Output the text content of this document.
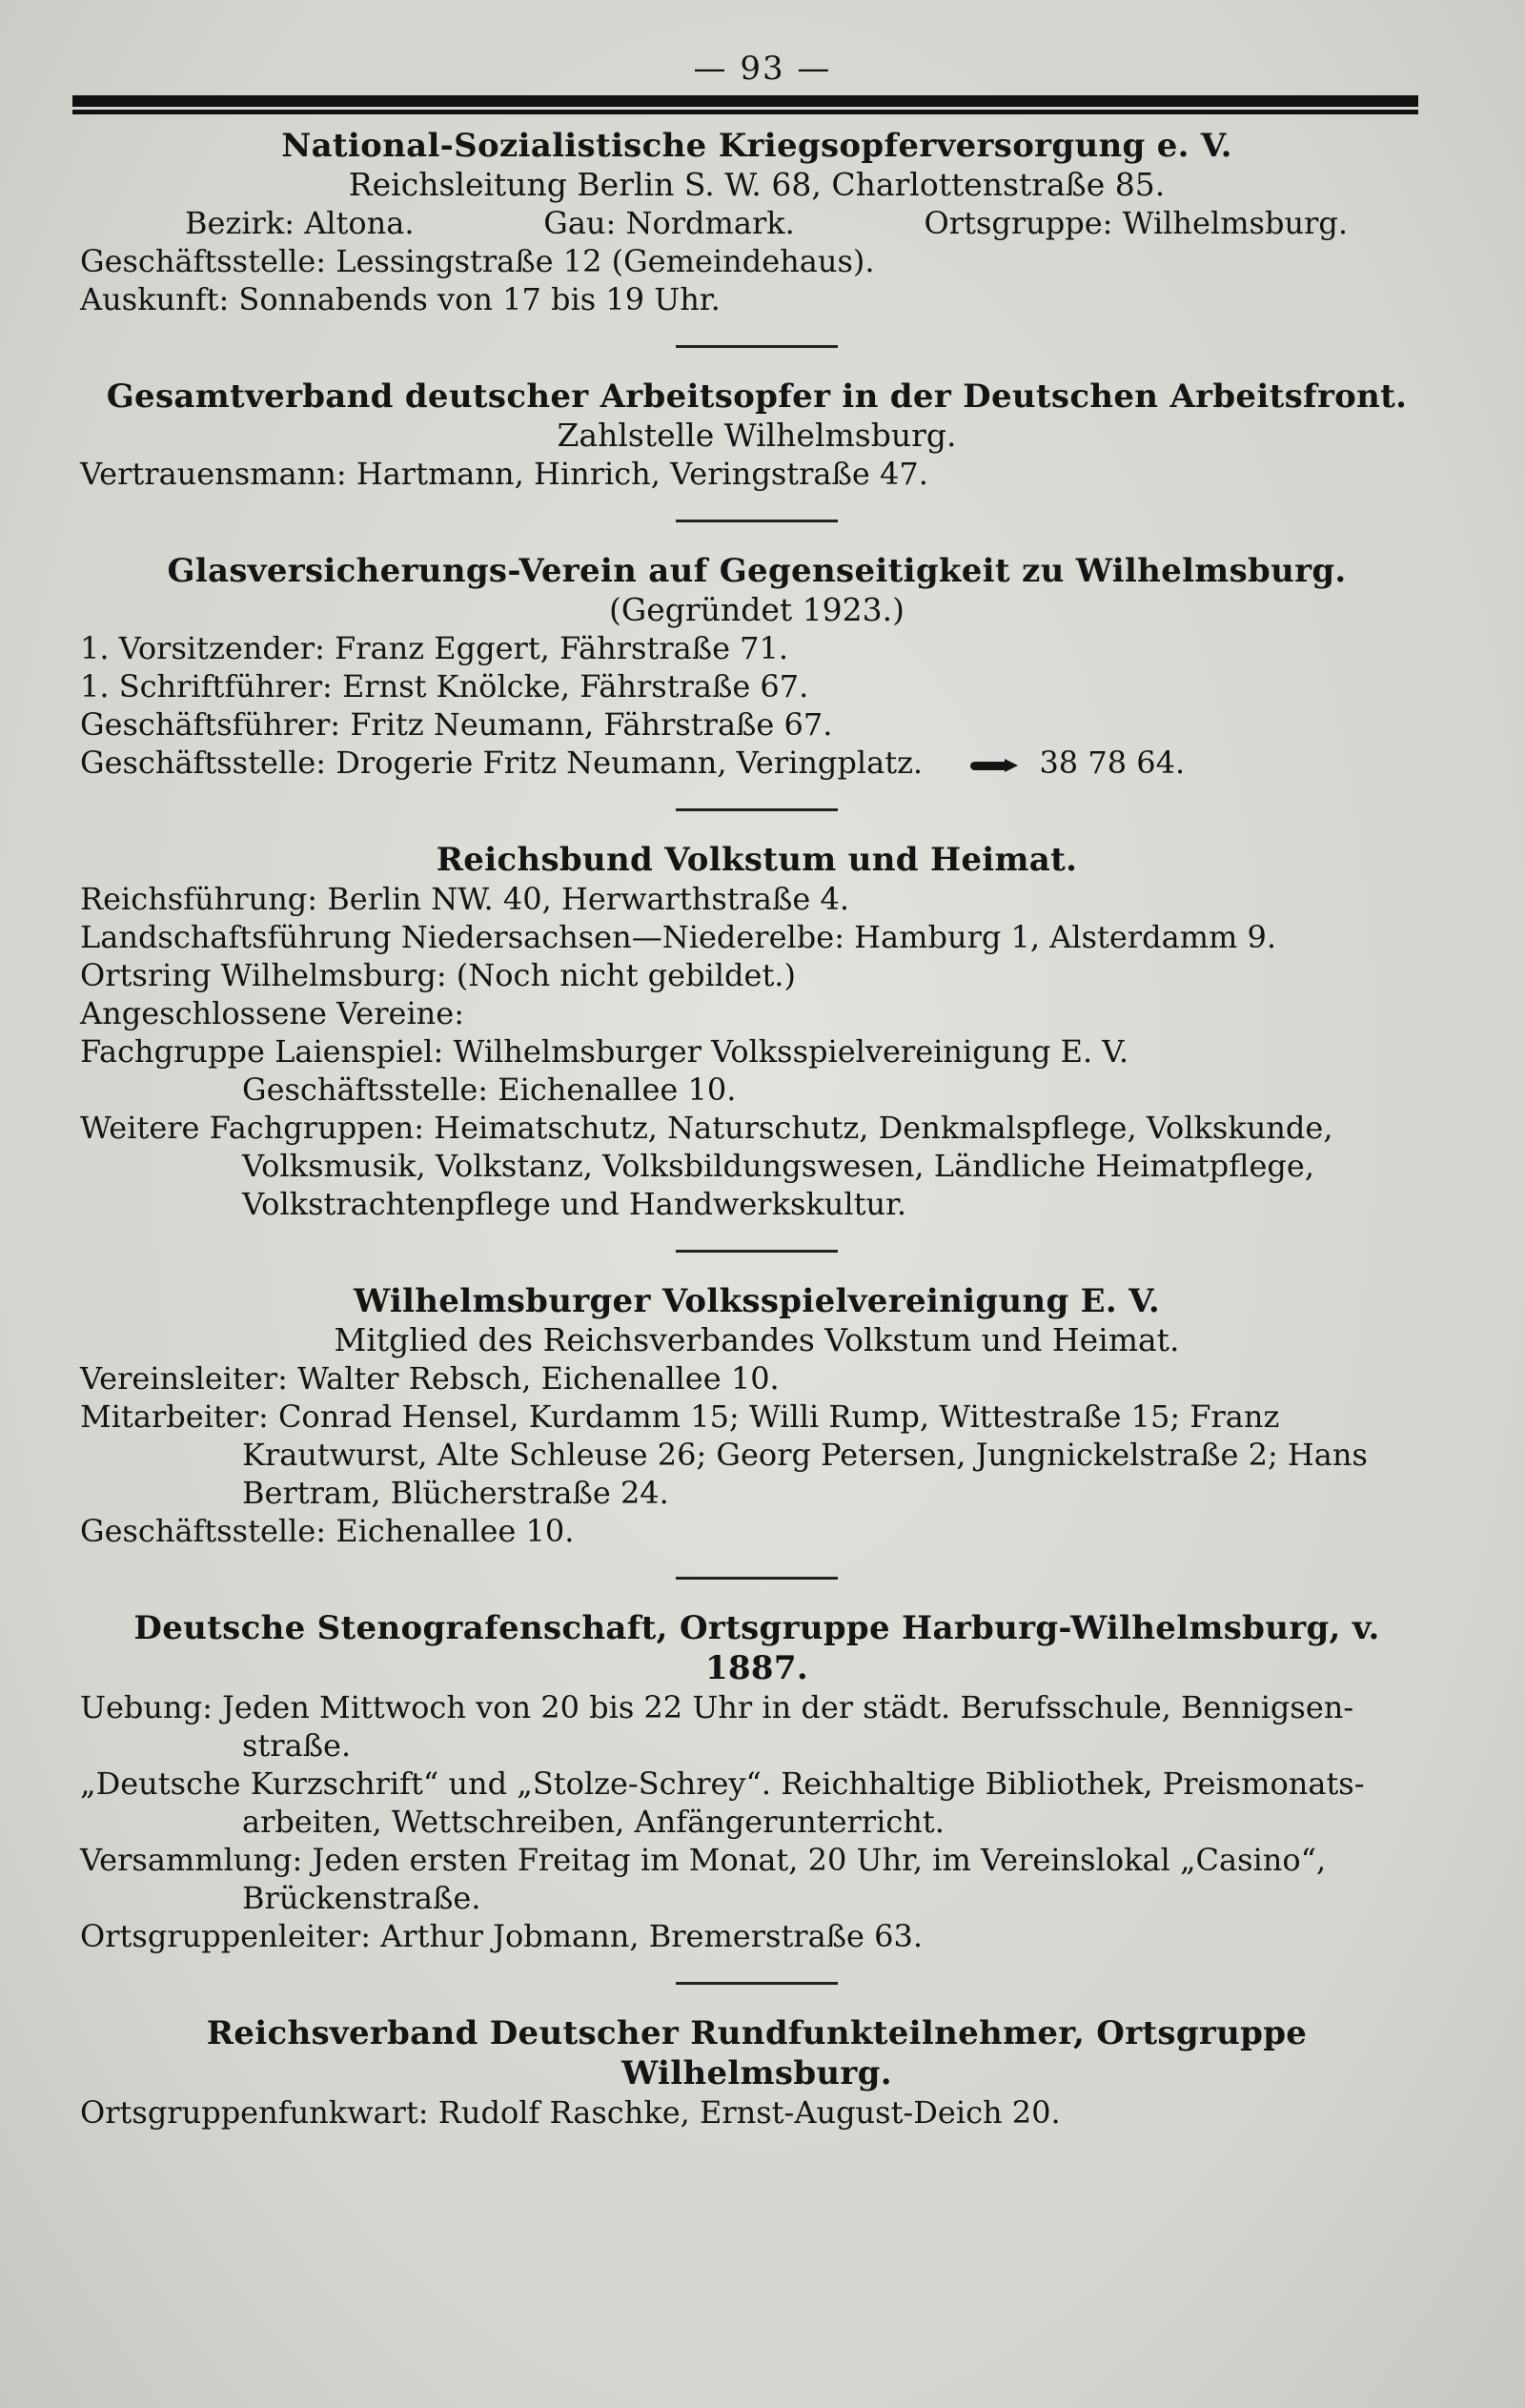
— 93 —

National-Sozialistische Kriegsopferversorgung e. V.

Reichsleitung Berlin S. W. 68, Charlottenstraße 85.

Bezirk: Altona.	Gau: Nordmark.	Ortsgruppe: Wilhelmsburg.

Geschäftsstelle: Lessingstraße 12 (Gemeindehaus).

Auskunft: Sonnabends von 17 bis 19 Uhr.

Gesamtverband deutscher Arbeitsopfer in der Deutschen Arbeitsfront.

Zahlstelle Wilhelmsburg.

Vertrauensmann: Hartmann, Hinrich, Veringstraße 47.

Glasversicherungs-Verein auf Gegenseitigkeit zu Wilhelmsburg.

(Gegründet 1923.)

1. Vorsitzender: Franz Eggert, Fährstraße 71.

1. Schriftführer: Ernst Knölcke, Fährstraße 67.

Geschäftsführer: Fritz Neumann, Fährstraße 67.

Geschäftsstelle: Drogerie Fritz Neumann, Veringplatz.	38 78 64.

Reichsbund Volkstum und Heimat.

Reichsführung: Berlin NW. 40, Herwarthstraße 4.

Landschaftsführung Niedersachsen—Niederelbe: Hamburg 1, Alsterdamm 9.

Ortsring Wilhelmsburg: (Noch nicht gebildet.)

Angeschlossene Vereine:

Fachgruppe Laienspiel: Wilhelmsburger Volksspielvereinigung E. V.

Geschäftsstelle: Eichenallee 10.

Weitere Fachgruppen: Heimatschutz, Naturschutz, Denkmalspflege, Volkskunde,

Volksmusik, Volkstanz, Volksbildungswesen, Ländliche Heimatpflege, Volkstrachtenpflege und Handwerkskultur.

Wilhelmsburger Volksspielvereinigung E. V.

Mitglied des Reichsverbandes Volkstum und Heimat.

Vereinsleiter: Walter Rebsch, Eichenallee 10.

Mitarbeiter: Conrad Hensel, Kurdamm 15; Willi Rump, Wittestraße 15; Franz

Krautwurst, Alte Schleuse 26; Georg Petersen, Jungnickelstraße 2; Hans Bertram, Blücherstraße 24.

Geschäftsstelle: Eichenallee 10.

Deutsche Stenografenschaft, Ortsgruppe Harburg-Wilhelmsburg, v. 1887.

Uebung: Jeden Mittwoch von 20 bis 22 Uhr in der städt. Berufsschule, Bennigsen-

straße.

„Deutsche Kurzschrift“ und „Stolze-Schrey“. Reichhaltige Bibliothek, Preismonats-

arbeiten, Wettschreiben, Anfängerunterricht.

Versammlung: Jeden ersten Freitag im Monat, 20 Uhr, im Vereinslokal „Casino“,

Brückenstraße.

Ortsgruppenleiter: Arthur Jobmann, Bremerstraße 63.

Reichsverband Deutscher Rundfunkteilnehmer, Ortsgruppe Wilhelmsburg.

Ortsgruppenfunkwart: Rudolf Raschke, Ernst-August-Deich 20.
